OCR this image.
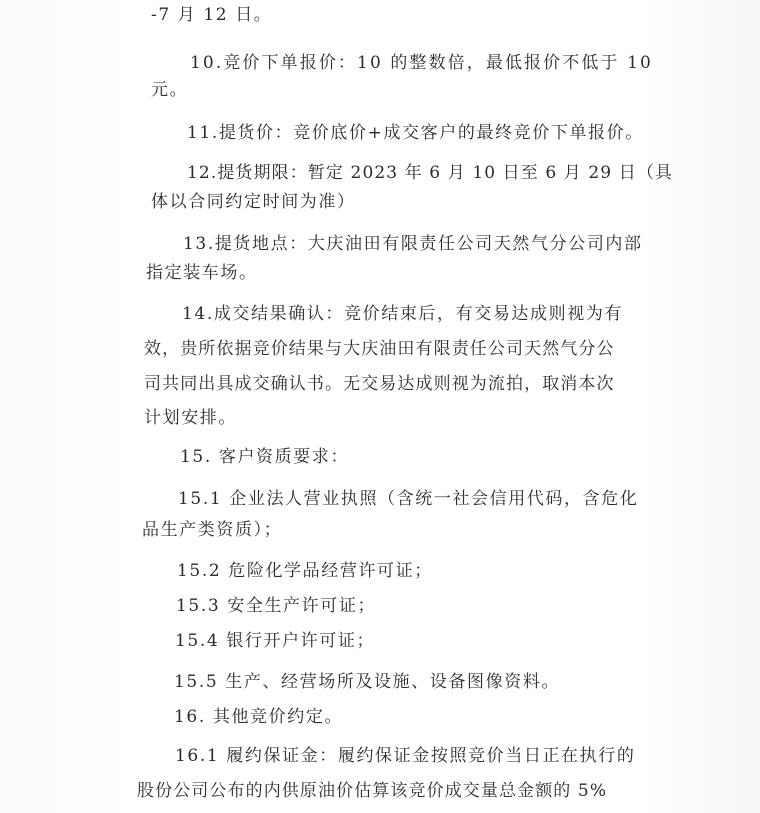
-7 月 12 日。
10.竞价下单报价：10 的整数倍，最低报价不低于 10
元。
11.提货价：竞价底价+成交客户的最终竞价下单报价。
12.提货期限：暂定 2023 年 6 月 10 日至 6 月 29 日（具
体以合同约定时间为准）
13.提货地点：大庆油田有限责任公司天然气分公司内部
指定装车场。
14.成交结果确认：竞价结束后，有交易达成则视为有
效，贵所依据竞价结果与大庆油田有限责任公司天然气分公
司共同出具成交确认书。无交易达成则视为流拍，取消本次
计划安排。
15. 客户资质要求：
15.1 企业法人营业执照（含统一社会信用代码，含危化
品生产类资质）；
15.2 危险化学品经营许可证；
15.3 安全生产许可证；
15.4 银行开户许可证；
15.5 生产、经营场所及设施、设备图像资料。
16. 其他竞价约定。
16.1 履约保证金：履约保证金按照竞价当日正在执行的
股份公司公布的内供原油价估算该竞价成交量总金额的 5%
